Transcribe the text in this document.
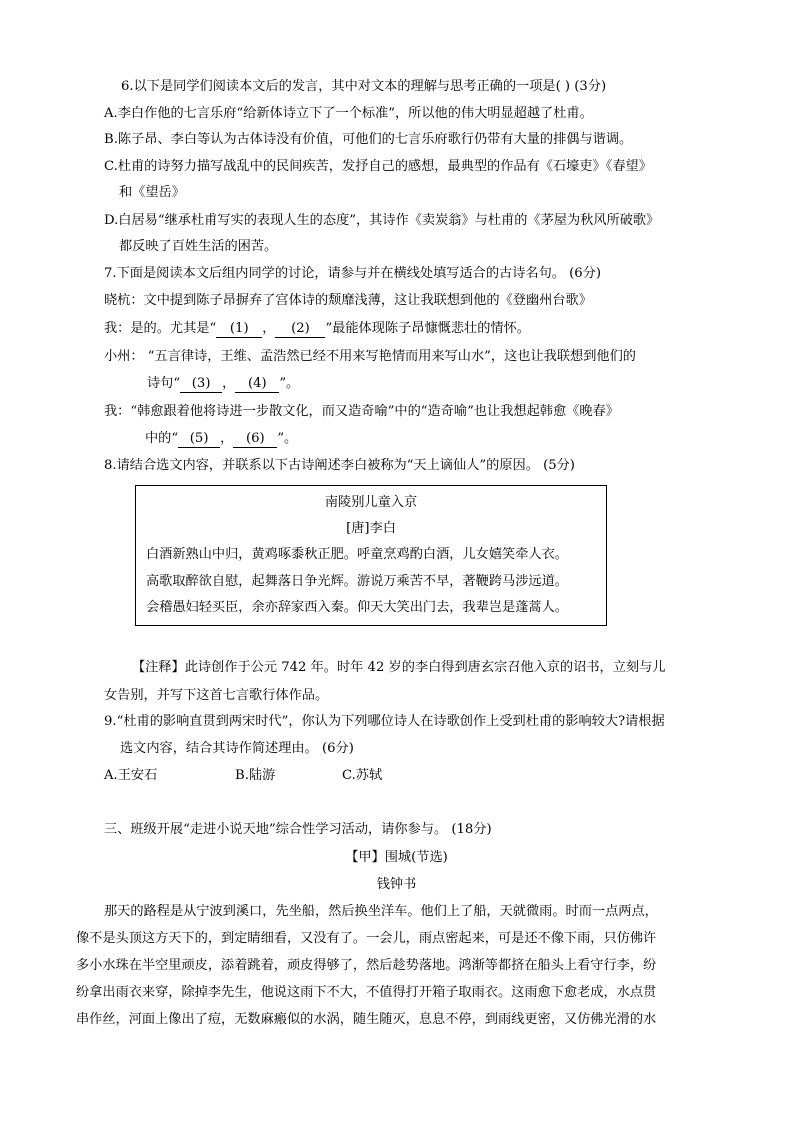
6.以下是同学们阅读本文后的发言，其中对文本的理解与思考正确的一项是( ) (3分)
A.李白作他的七言乐府“给新体诗立下了一个标准”，所以他的伟大明显超越了杜甫。
B.陈子昂、李白等认为古体诗没有价值，可他们的七言乐府歌行仍带有大量的排偶与谐调。
C.杜甫的诗努力描写战乱中的民间疾苦，发抒自己的感想，最典型的作品有《石壕吏》《春望》
和《望岳》
D.白居易“继承杜甫写实的表现人生的态度”，其诗作《卖炭翁》与杜甫的《茅屋为秋风所破歌》
都反映了百姓生活的困苦。
7.下面是阅读本文后组内同学的讨论，请参与并在横线处填写适合的古诗名句。 (6分)
晓杭：文中提到陈子昂摒弃了宫体诗的颓靡浅薄，这让我联想到他的《登幽州台歌》
我：是的。尤其是“ (1) ， (2) ”最能体现陈子昂慷慨悲壮的情怀。
小州： “五言律诗，王维、孟浩然已经不用来写艳情而用来写山水”，这也让我联想到他们的
诗句“ (3) ， (4) ”。
我：“韩愈跟着他将诗进一步散文化，而又造奇喻”中的“造奇喻”也让我想起韩愈《晚春》
中的“ (5) ， (6) ”。
8.请结合选文内容，并联系以下古诗阐述李白被称为“天上谪仙人”的原因。 (5分)
南陵别儿童入京
[唐]李白
白酒新熟山中归，黄鸡啄黍秋正肥。呼童烹鸡酌白酒，儿女嬉笑牵人衣。
高歌取醉欲自慰，起舞落日争光辉。游说万乘苦不早，著鞭跨马涉远道。
会稽愚妇轻买臣，余亦辞家西入秦。仰天大笑出门去，我辈岂是蓬蒿人。
【注释】此诗创作于公元 742 年。时年 42 岁的李白得到唐玄宗召他入京的诏书，立刻与儿
女告别，并写下这首七言歌行体作品。
9.“杜甫的影响直贯到两宋时代”，你认为下列哪位诗人在诗歌创作上受到杜甫的影响较大?请根据
选文内容，结合其诗作简述理由。 (6分)
A.王安石	B.陆游	C.苏轼
三、班级开展“走进小说天地”综合性学习活动，请你参与。 (18分)
【甲】围城(节选)
钱钟书
那天的路程是从宁波到溪口，先坐船，然后换坐洋车。他们上了船，天就微雨。时而一点两点，
像不是头顶这方天下的，到定睛细看，又没有了。一会儿，雨点密起来，可是还不像下雨，只仿佛许
多小水珠在半空里顽皮，添着跳着，顽皮得够了，然后趁势落地。鸿渐等都挤在船头上看守行李，纷
纷拿出雨衣来穿，除掉李先生，他说这雨下不大，不值得打开箱子取雨衣。这雨愈下愈老成，水点贯
串作丝，河面上像出了痘，无数麻瘢似的水涡，随生随灭，息息不停，到雨线更密，又仿佛光滑的水
